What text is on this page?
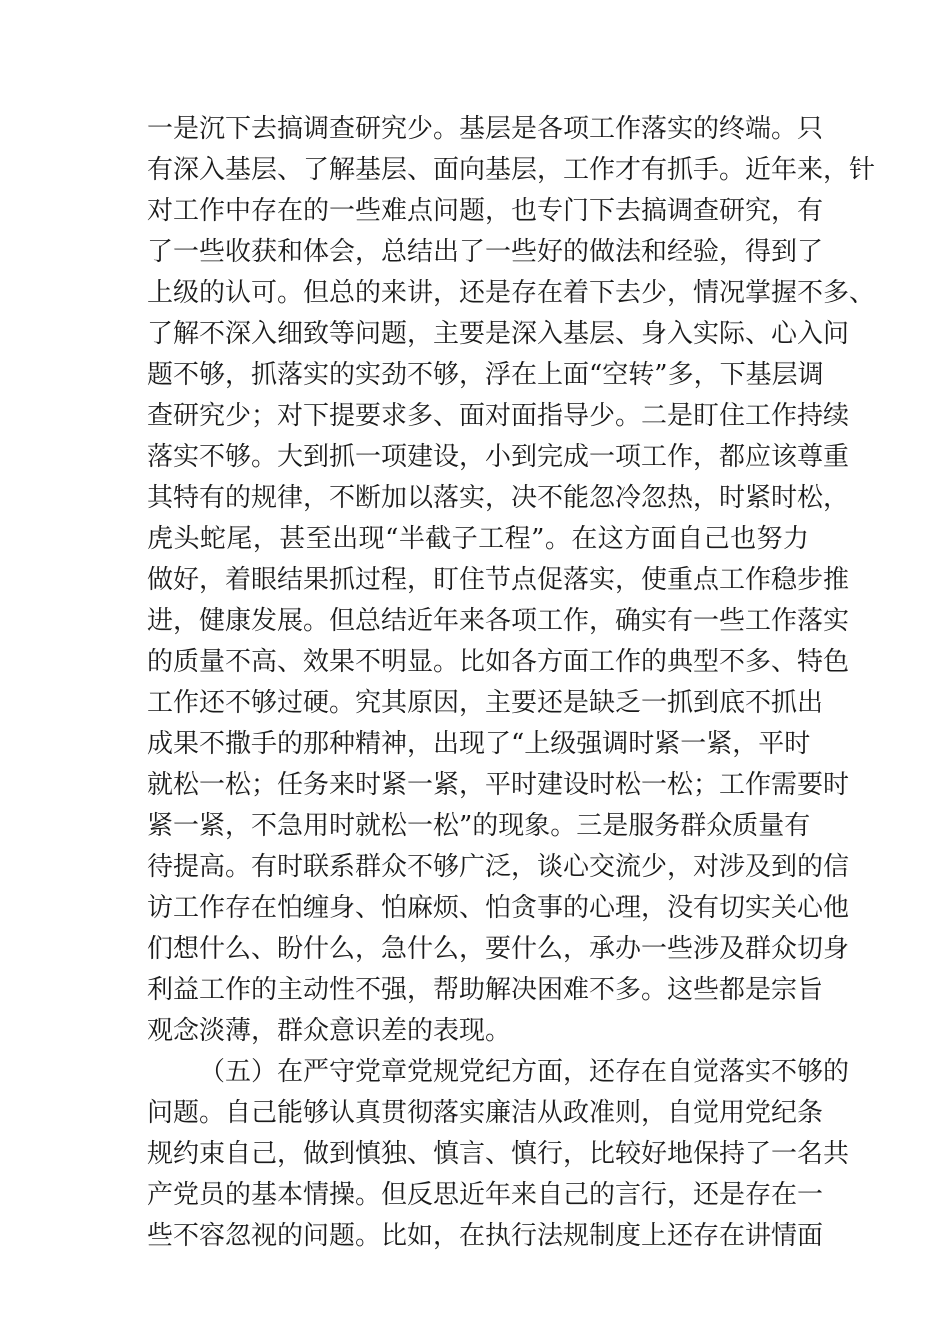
一是沉下去搞调查研究少。基层是各项工作落实的终端。只
有深入基层、了解基层、面向基层，工作才有抓手。近年来，针
对工作中存在的一些难点问题，也专门下去搞调查研究，有
了一些收获和体会，总结出了一些好的做法和经验，得到了
上级的认可。但总的来讲，还是存在着下去少，情况掌握不多、
了解不深入细致等问题，主要是深入基层、身入实际、心入问
题不够，抓落实的实劲不够，浮在上面“空转”多，下基层调
查研究少；对下提要求多、面对面指导少。二是盯住工作持续
落实不够。大到抓一项建设，小到完成一项工作，都应该尊重
其特有的规律，不断加以落实，决不能忽冷忽热，时紧时松，
虎头蛇尾，甚至出现“半截子工程”。在这方面自己也努力
做好，着眼结果抓过程，盯住节点促落实，使重点工作稳步推
进，健康发展。但总结近年来各项工作，确实有一些工作落实
的质量不高、效果不明显。比如各方面工作的典型不多、特色
工作还不够过硬。究其原因，主要还是缺乏一抓到底不抓出
成果不撒手的那种精神，出现了“上级强调时紧一紧，平时
就松一松；任务来时紧一紧，平时建设时松一松；工作需要时
紧一紧，不急用时就松一松”的现象。三是服务群众质量有
待提高。有时联系群众不够广泛，谈心交流少，对涉及到的信
访工作存在怕缠身、怕麻烦、怕贪事的心理，没有切实关心他
们想什么、盼什么，急什么，要什么，承办一些涉及群众切身
利益工作的主动性不强，帮助解决困难不多。这些都是宗旨
观念淡薄，群众意识差的表现。
（五）在严守党章党规党纪方面，还存在自觉落实不够的
问题。自己能够认真贯彻落实廉洁从政准则，自觉用党纪条
规约束自己，做到慎独、慎言、慎行，比较好地保持了一名共
产党员的基本情操。但反思近年来自己的言行，还是存在一
些不容忽视的问题。比如，在执行法规制度上还存在讲情面
